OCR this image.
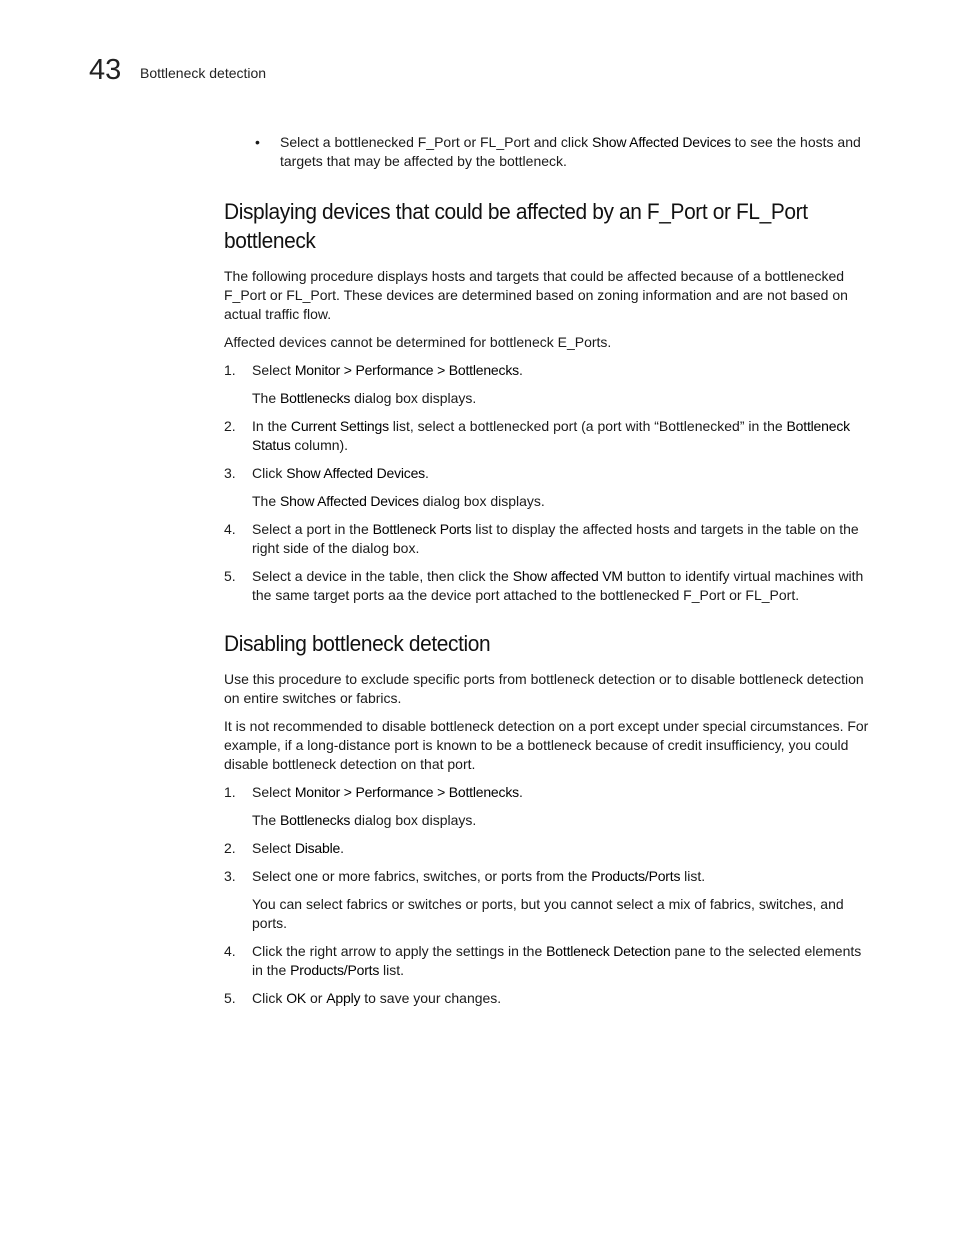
43 Bottleneck detection
• Select a bottlenecked F_Port or FL_Port and click Show Affected Devices to see the hosts and targets that may be affected by the bottleneck.
Displaying devices that could be affected by an F_Port or FL_Port bottleneck

The following procedure displays hosts and targets that could be affected because of a bottlenecked F_Port or FL_Port. These devices are determined based on zoning information and are not based on actual traffic flow.

Affected devices cannot be determined for bottleneck E_Ports.

1. Select Monitor > Performance > Bottlenecks.
The Bottlenecks dialog box displays.
2. In the Current Settings list, select a bottlenecked port (a port with “Bottlenecked” in the Bottleneck Status column).
3. Click Show Affected Devices.
The Show Affected Devices dialog box displays.
4. Select a port in the Bottleneck Ports list to display the affected hosts and targets in the table on the right side of the dialog box.
5. Select a device in the table, then click the Show affected VM button to identify virtual machines with the same target ports aa the device port attached to the bottlenecked F_Port or FL_Port.
Disabling bottleneck detection

Use this procedure to exclude specific ports from bottleneck detection or to disable bottleneck detection on entire switches or fabrics.

It is not recommended to disable bottleneck detection on a port except under special circumstances. For example, if a long-distance port is known to be a bottleneck because of credit insufficiency, you could disable bottleneck detection on that port.

1. Select Monitor > Performance > Bottlenecks.
The Bottlenecks dialog box displays.
2. Select Disable.
3. Select one or more fabrics, switches, or ports from the Products/Ports list.
You can select fabrics or switches or ports, but you cannot select a mix of fabrics, switches, and ports.
4. Click the right arrow to apply the settings in the Bottleneck Detection pane to the selected elements in the Products/Ports list.
5. Click OK or Apply to save your changes.
